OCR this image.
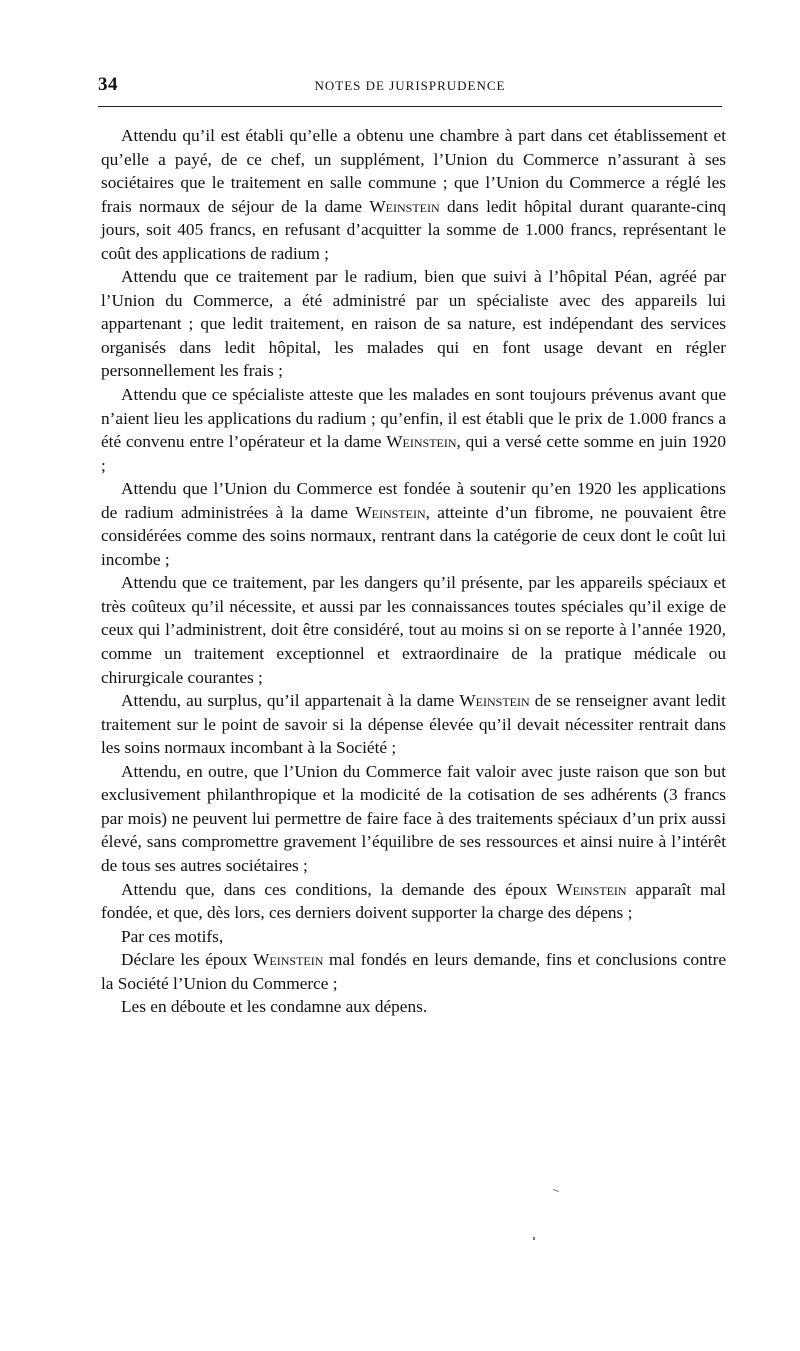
34	NOTES DE JURISPRUDENCE

Attendu qu’il est établi qu’elle a obtenu une chambre à part dans cet établissement et qu’elle a payé, de ce chef, un supplément, l’Union du Commerce n’assurant à ses sociétaires que le traitement en salle commune ; que l’Union du Commerce a réglé les frais normaux de séjour de la dame Weinstein dans ledit hôpital durant quarante-cinq jours, soit 405 francs, en refusant d’acquitter la somme de 1.000 francs, représentant le coût des applications de radium ;

Attendu que ce traitement par le radium, bien que suivi à l’hôpital Péan, agréé par l’Union du Commerce, a été administré par un spécialiste avec des appareils lui appartenant ; que ledit traitement, en raison de sa nature, est indépendant des services organisés dans ledit hôpital, les malades qui en font usage devant en régler personnellement les frais ;

Attendu que ce spécialiste atteste que les malades en sont toujours prévenus avant que n’aient lieu les applications du radium ; qu’enfin, il est établi que le prix de 1.000 francs a été convenu entre l’opérateur et la dame Weinstein, qui a versé cette somme en juin 1920 ;

Attendu que l’Union du Commerce est fondée à soutenir qu’en 1920 les applications de radium administrées à la dame Weinstein, atteinte d’un fibrome, ne pouvaient être considérées comme des soins normaux, rentrant dans la catégorie de ceux dont le coût lui incombe ;

Attendu que ce traitement, par les dangers qu’il présente, par les appareils spéciaux et très coûteux qu’il nécessite, et aussi par les connaissances toutes spéciales qu’il exige de ceux qui l’administrent, doit être considéré, tout au moins si on se reporte à l’année 1920, comme un traitement exceptionnel et extraordinaire de la pratique médicale ou chirurgicale courantes ;

Attendu, au surplus, qu’il appartenait à la dame Weinstein de se renseigner avant ledit traitement sur le point de savoir si la dépense élevée qu’il devait nécessiter rentrait dans les soins normaux incombant à la Société ;

Attendu, en outre, que l’Union du Commerce fait valoir avec juste raison que son but exclusivement philanthropique et la modicité de la cotisation de ses adhérents (3 francs par mois) ne peuvent lui permettre de faire face à des traitements spéciaux d’un prix aussi élevé, sans compromettre gravement l’équilibre de ses ressources et ainsi nuire à l’intérêt de tous ses autres sociétaires ;

Attendu que, dans ces conditions, la demande des époux Weinstein apparaît mal fondée, et que, dès lors, ces derniers doivent supporter la charge des dépens ;

Par ces motifs,

Déclare les époux Weinstein mal fondés en leurs demande, fins et conclusions contre la Société l’Union du Commerce ;

Les en déboute et les condamne aux dépens.
